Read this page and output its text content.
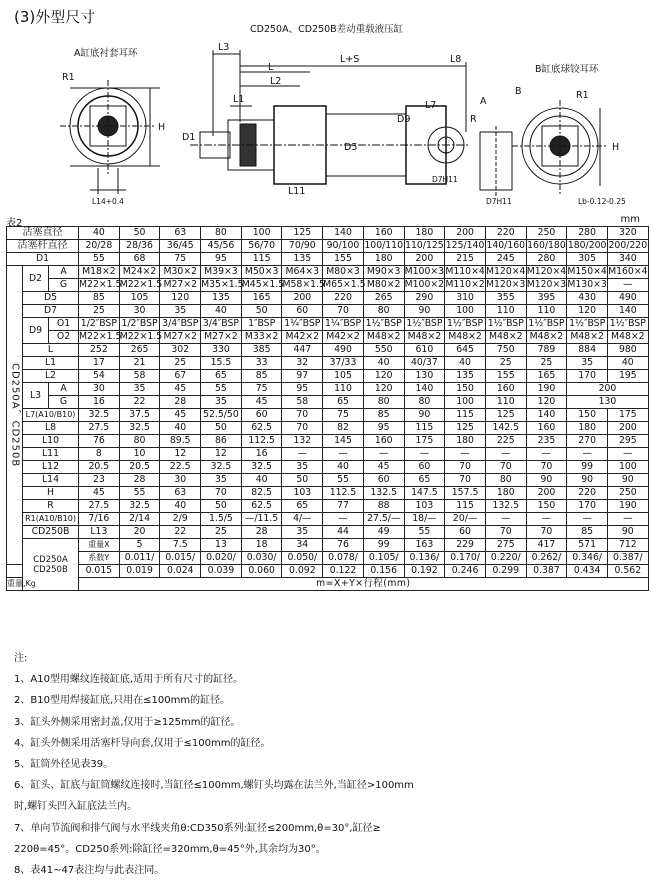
(3)外型尺寸
CD250A、CD250B差动重载液压缸
A缸底衬套耳环
B缸底球铰耳环
L3
L+S	L8
L
L2
L1
L7
D9
D1
D5
L11
R1
R1
H
H
R
A
B
D7H11
D7H11
L14+0.4	Lb-0.12-0.25
表2	mm
活塞直径			40	50	63	80	100	125	140	160	180	200	220	250	280	320	
活塞杆直径			20/28	28/36	36/45	45/56	56/70	70/90	90/100	100/110	110/125	125/140	140/160	160/180	180/200	200/220	
D1			55	68	75	95	115	135	155	180	200	215	245	280	305	340	
CD250A、CD250B	D2	A	M18×2	M24×2	M30×2	M39×3	M50×3	M64×3	M80×3	M90×3	M100×3	M110×4	M120×4	M120×4	M150×4	M160×4	
		G	M22×1.5	M22×1.5	M27×2	M35×1.5	M45×1.5	M58×1.5	M65×1.5	M80×2	M100×2	M110×2	M120×3	M120×3	M130×3	—	
	D5		85	105	120	135	165	200	220	265	290	310	355	395	430	490	
	D7		25	30	35	40	50	60	70	80	90	100	110	110	120	140	
	D9	O1	1/2″BSP	1/2″BSP	3/4″BSP	3/4″BSP	1″BSP	1¼″BSP	1¼″BSP	1½″BSP	1½″BSP	1½″BSP	1½″BSP	1½″BSP	1½″BSP	1½″BSP	
		O2	M22×1.5	M22×1.5	M27×2	M27×2	M33×2	M42×2	M42×2	M48×2	M48×2	M48×2	M48×2	M48×2	M48×2	M48×2	
	L		252	265	302	330	385	447	490	550	610	645	750	789	884	980	
	L1		17	21	25	15.5	33	32	37/33	40	40/37	40	25	25	35	40	
	L2		54	58	67	65	85	97	105	120	130	135	155	165	170	195	
	L3	A	30	35	45	55	75	95	110	120	140	150	160	190	200		
		G	16	22	28	35	45	58	65	80	80	100	110	120	130		
	L7(A10/B10)		32.5	37.5	45	52.5/50	60	70	75	85	90	115	125	140	150	175	
	L8		27.5	32.5	40	50	62.5	70	82	95	115	125	142.5	160	180	200	
	L10		76	80	89.5	86	112.5	132	145	160	175	180	225	235	270	295	
	L11		8	10	12	12	16	—	—	—	—	—	—	—	—	—	
	L12		20.5	20.5	22.5	32.5	32.5	35	40	45	60	70	70	70	99	100	
	L14		23	28	30	35	40	50	55	60	65	70	80	90	90	90	
	H		45	55	63	70	82.5	103	112.5	132.5	147.5	157.5	180	200	220	250	
	R		27.5	32.5	40	50	62.5	65	77	88	103	115	132.5	150	170	190	
	R1(A10/B10)		7/16	2/14	2/9	1.5/5	—/11.5	4/—	—	27.5/—	18/—	20/—	—	—	—	—	
	CD250B		L13	20	22	25	28	35	44	49	55	60	70	70	85	90	
	CD250A CD250B		重量X	5	7.5	13	18	34	76	99	163	229	275	417	571	712	
			系数Y	0.011/	0.015/	0.020/	0.030/	0.050/	0.078/	0.105/	0.136/	0.170/	0.220/	0.262/	0.346/	0.387/	
			0.015	0.019	0.024	0.039	0.060	0.092	0.122	0.156	0.192	0.246	0.299	0.387	0.434	0.562	
重量,Kg			m=X+Y×行程(mm)														
注:
1、A10型用螺纹连接缸底,适用于所有尺寸的缸径。
2、B10型用焊接缸底,只用在≤100mm的缸径。
3、缸头外侧采用密封盖,仅用于≥125mm的缸径。
4、缸头外侧采用活塞杆导向套,仅用于≤100mm的缸径。
5、缸筒外径见表39。
6、缸头、缸底与缸筒螺纹连接时,当缸径≤100mm,螺钉头均露在法兰外,当缸径>100mm
时,螺钉头凹入缸底法兰内。
7、单向节流阀和排气阀与水平线夹角θ:CD350系列:缸径≤200mm,θ=30°,缸径≥
220θ=45°。CD250系列:除缸径=320mm,θ=45°外,其余均为30°。
8、表41~47表注均与此表注同。
